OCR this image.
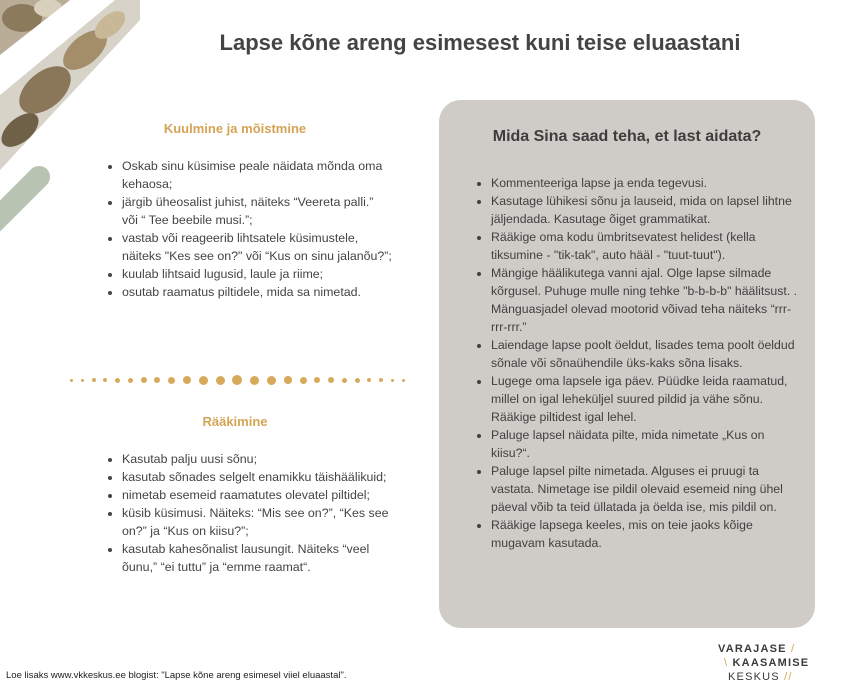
Lapse kõne areng esimesest kuni teise eluaastani
Kuulmine ja mõistmine
• Oskab sinu küsimise peale näidata mõnda oma kehaosa;
• järgib üheosalist juhist, näiteks “Veereta palli.” või “ Tee beebile musi.”;
• vastab või reageerib lihtsatele küsimustele, näiteks "Kes see on?" või “Kus on sinu jalanõu?”;
• kuulab lihtsaid lugusid, laule ja riime;
• osutab raamatus piltidele, mida sa nimetad.
Rääkimine
• Kasutab palju uusi sõnu;
• kasutab sõnades selgelt enamikku täishäälikuid;
• nimetab esemeid raamatutes olevatel piltidel;
• küsib küsimusi. Näiteks: “Mis see on?”, “Kes see on?” ja “Kus on kiisu?”;
• kasutab kahesõnalist lausungit. Näiteks “veel õunu,” “ei tuttu” ja “emme raamat“.
Mida Sina saad teha, et last aidata?
• Kommenteeriga lapse ja enda tegevusi.
• Kasutage lühikesi sõnu ja lauseid, mida on lapsel lihtne jäljendada. Kasutage õiget grammatikat.
• Rääkige oma kodu ümbritsevatest helidest (kella tiksumine - "tik-tak", auto hääl - "tuut-tuut").
• Mängige häälikutega vanni ajal. Olge lapse silmade kõrgusel. Puhuge mulle ning tehke "b-b-b-b" häälitsust. . Mänguasjadel olevad mootorid võivad teha näiteks “rrr-rrr-rrr.”
• Laiendage lapse poolt öeldut, lisades tema poolt öeldud sõnale või sõnaühendile üks-kaks sõna lisaks.
• Lugege oma lapsele iga päev. Püüdke leida raamatud, millel on igal leheküljel suured pildid ja vähe sõnu. Rääkige piltidest igal lehel.
• Paluge lapsel näidata pilte, mida nimetate „Kus on kiisu?“.
• Paluge lapsel pilte nimetada. Alguses ei pruugi ta vastata. Nimetage ise pildil olevaid esemeid ning ühel päeval võib ta teid üllatada ja öelda ise, mis pildil on.
• Rääkige lapsega keeles, mis on teie jaoks kõige mugavam kasutada.
Loe lisaks www.vkkeskus.ee blogist: "Lapse kõne areng esimesel viiel eluaastal".
VARAJASE /
\ KAASAMISE
KESKUS //
